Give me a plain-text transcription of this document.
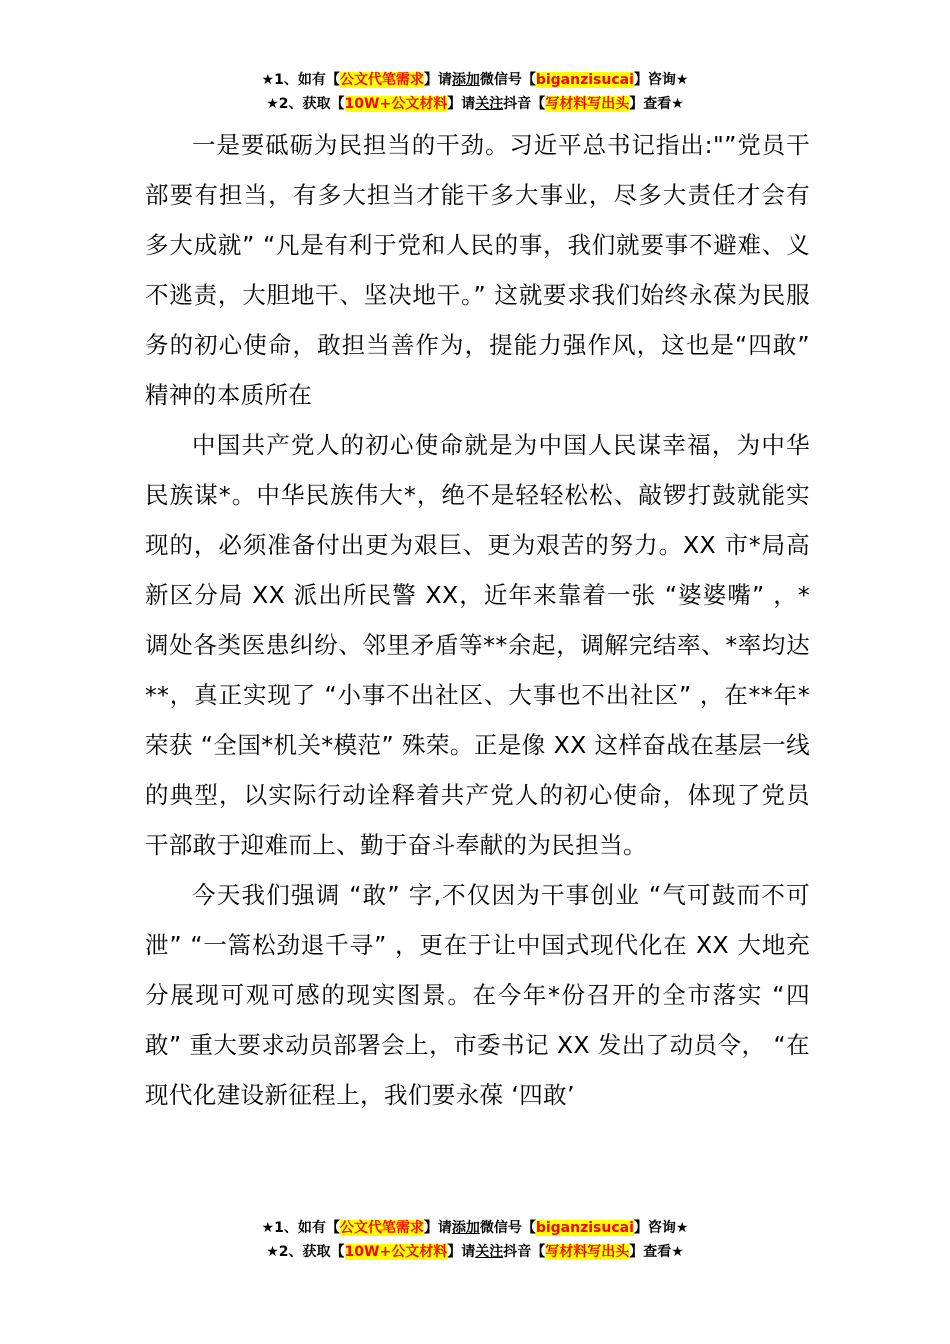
★1、如有【公文代笔需求】请添加微信号【biganzisucai】咨询★
★2、获取【10W+公文材料】请关注抖音【写材料写出头】查看★

一是要砥砺为民担当的干劲。习近平总书记指出:"”党员干部要有担当，有多大担当才能干多大事业，尽多大责任才会有多大成就” “凡是有利于党和人民的事，我们就要事不避难、义不逃责，大胆地干、坚决地干。” 这就要求我们始终永葆为民服务的初心使命，敢担当善作为，提能力强作风，这也是“四敢” 精神的本质所在

中国共产党人的初心使命就是为中国人民谋幸福，为中华民族谋*。中华民族伟大*，绝不是轻轻松松、敲锣打鼓就能实现的，必须准备付出更为艰巨、更为艰苦的努力。XX 市*局高新区分局 XX 派出所民警 XX，近年来靠着一张 “婆婆嘴” ，*调处各类医患纠纷、邻里矛盾等**余起，调解完结率、*率均达**，真正实现了 “小事不出社区、大事也不出社区” ，在**年*荣获 “全国*机关*模范” 殊荣。正是像 XX 这样奋战在基层一线的典型，以实际行动诠释着共产党人的初心使命，体现了党员干部敢于迎难而上、勤于奋斗奉献的为民担当。

今天我们强调 “敢” 字,不仅因为干事创业 “气可鼓而不可泄” “一篙松劲退千寻” ，更在于让中国式现代化在 XX 大地充分展现可观可感的现实图景。在今年*份召开的全市落实 “四敢” 重大要求动员部署会上，市委书记 XX 发出了动员令， “在现代化建设新征程上，我们要永葆 ‘四敢’

★1、如有【公文代笔需求】请添加微信号【biganzisucai】咨询★
★2、获取【10W+公文材料】请关注抖音【写材料写出头】查看★
